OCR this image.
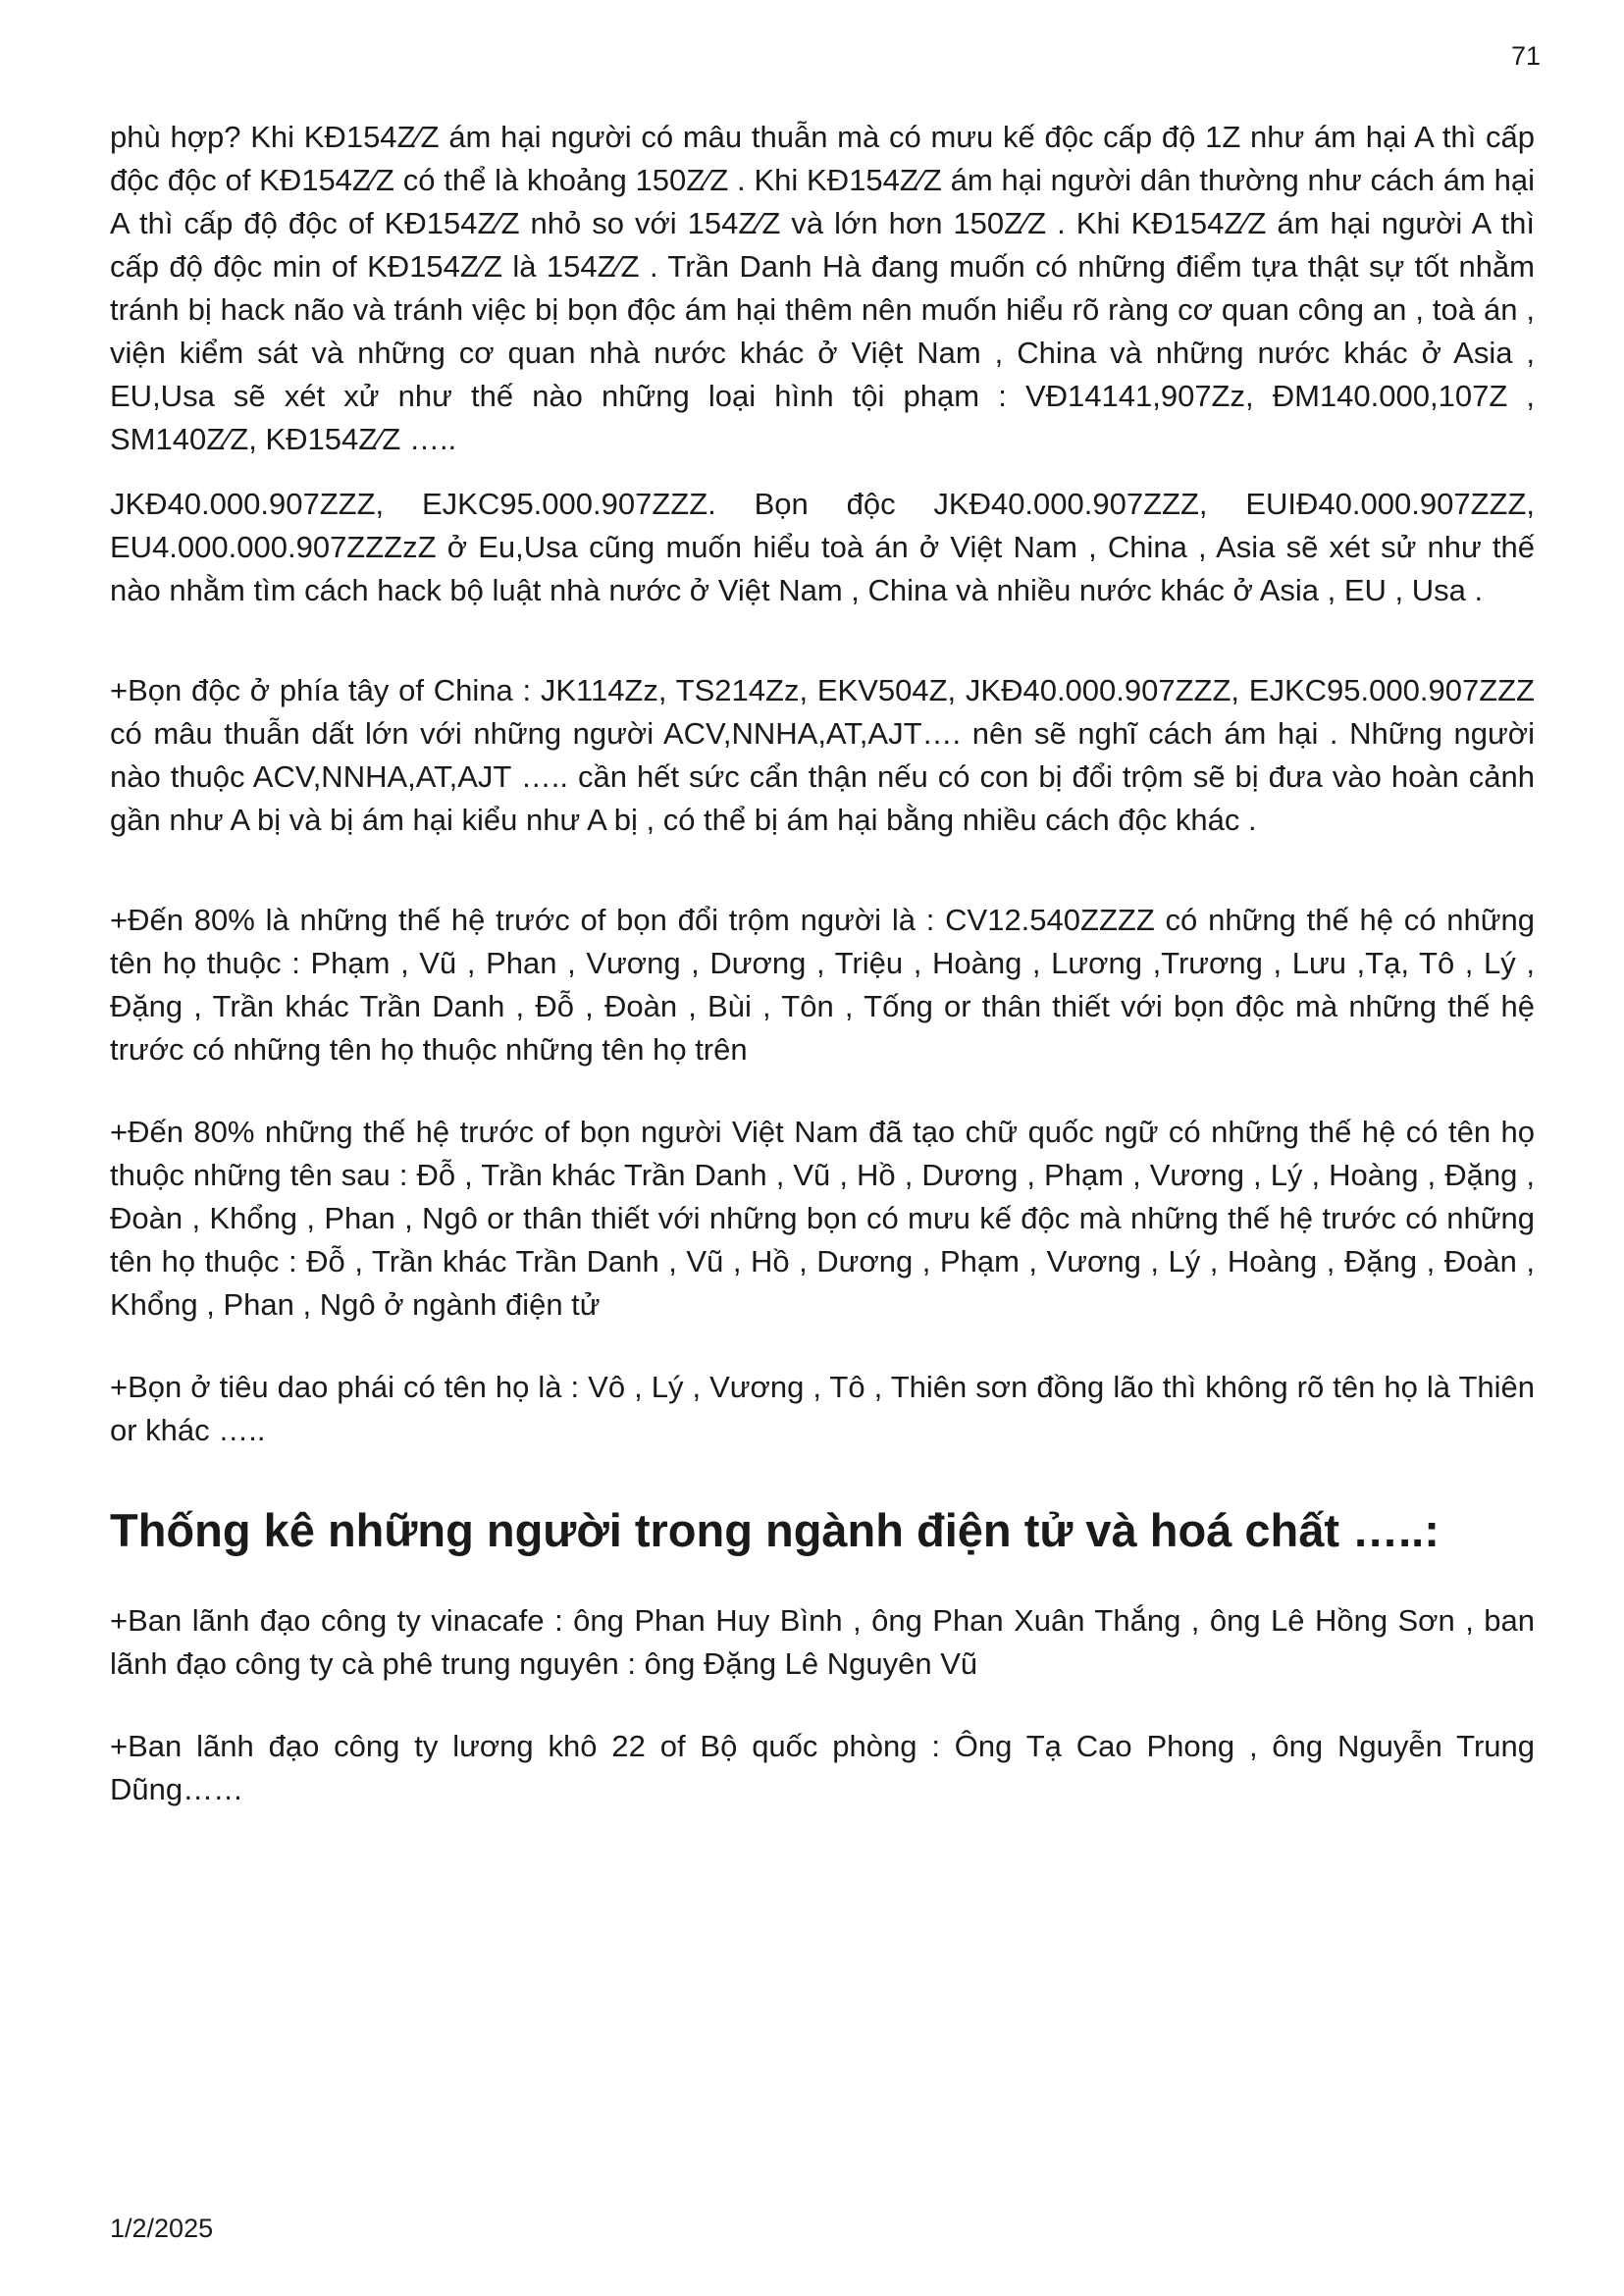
71

phù hợp? Khi KĐ154Z⁄Z ám hại người có mâu thuẫn mà có mưu kế độc cấp độ 1Z như ám hại A thì cấp độc độc of KĐ154Z⁄Z có thể là khoảng 150Z⁄Z . Khi KĐ154Z⁄Z ám hại người dân thường như cách ám hại A thì cấp độ độc of KĐ154Z⁄Z nhỏ so với 154Z⁄Z và lớn hơn 150Z⁄Z . Khi KĐ154Z⁄Z ám hại người A thì cấp độ độc min of KĐ154Z⁄Z là 154Z⁄Z . Trần Danh Hà đang muốn có những điểm tựa thật sự tốt nhằm tránh bị hack não và tránh việc bị bọn độc ám hại thêm nên muốn hiểu rõ ràng cơ quan công an , toà án , viện kiểm sát và những cơ quan nhà nước khác ở Việt Nam , China và những nước khác ở Asia , EU,Usa sẽ xét xử như thế nào những loại hình tội phạm : VĐ14141,907Zz, ĐM140.000,107Z , SM140Z⁄Z, KĐ154Z⁄Z …..

JKĐ40.000.907ZZZ, EJKC95.000.907ZZZ. Bọn độc JKĐ40.000.907ZZZ, EUIĐ40.000.907ZZZ, EU4.000.000.907ZZZzZ ở Eu,Usa cũng muốn hiểu toà án ở Việt Nam , China , Asia sẽ xét sử như thế nào nhằm tìm cách hack bộ luật nhà nước ở Việt Nam , China và nhiều nước khác ở Asia , EU , Usa .

+Bọn độc ở phía tây of China : JK114Zz, TS214Zz, EKV504Z, JKĐ40.000.907ZZZ, EJKC95.000.907ZZZ có mâu thuẫn dất lớn với những người ACV,NNHA,AT,AJT…. nên sẽ nghĩ cách ám hại . Những người nào thuộc ACV,NNHA,AT,AJT ….. cần hết sức cẩn thận nếu có con bị đổi trộm sẽ bị đưa vào hoàn cảnh gần như A bị và bị ám hại kiểu như A bị , có thể bị ám hại bằng nhiều cách độc khác .

+Đến 80% là những thế hệ trước of bọn đổi trộm người là : CV12.540ZZZZ có những thế hệ có những tên họ thuộc : Phạm , Vũ , Phan , Vương , Dương , Triệu , Hoàng , Lương ,Trương , Lưu ,Tạ, Tô , Lý , Đặng , Trần khác Trần Danh , Đỗ , Đoàn , Bùi , Tôn , Tống or thân thiết với bọn độc mà những thế hệ trước có những tên họ thuộc những tên họ trên

+Đến 80% những thế hệ trước of bọn người Việt Nam đã tạo chữ quốc ngữ có những thế hệ có tên họ thuộc những tên sau : Đỗ , Trần khác Trần Danh , Vũ , Hồ , Dương , Phạm , Vương , Lý , Hoàng , Đặng , Đoàn , Khổng , Phan , Ngô or thân thiết với những bọn có mưu kế độc mà những thế hệ trước có những tên họ thuộc : Đỗ , Trần khác Trần Danh , Vũ , Hồ , Dương , Phạm , Vương , Lý , Hoàng , Đặng , Đoàn , Khổng , Phan , Ngô ở ngành điện tử

+Bọn ở tiêu dao phái có tên họ là : Vô , Lý , Vương , Tô , Thiên sơn đồng lão thì không rõ tên họ là Thiên or khác …..

Thống kê những người trong ngành điện tử và hoá chất …..:

+Ban lãnh đạo công ty vinacafe : ông Phan Huy Bình , ông Phan Xuân Thắng , ông Lê Hồng Sơn , ban lãnh đạo công ty cà phê trung nguyên : ông Đặng Lê Nguyên Vũ

+Ban lãnh đạo công ty lương khô 22 of Bộ quốc phòng : Ông Tạ Cao Phong , ông Nguyễn Trung Dũng……

1/2/2025
